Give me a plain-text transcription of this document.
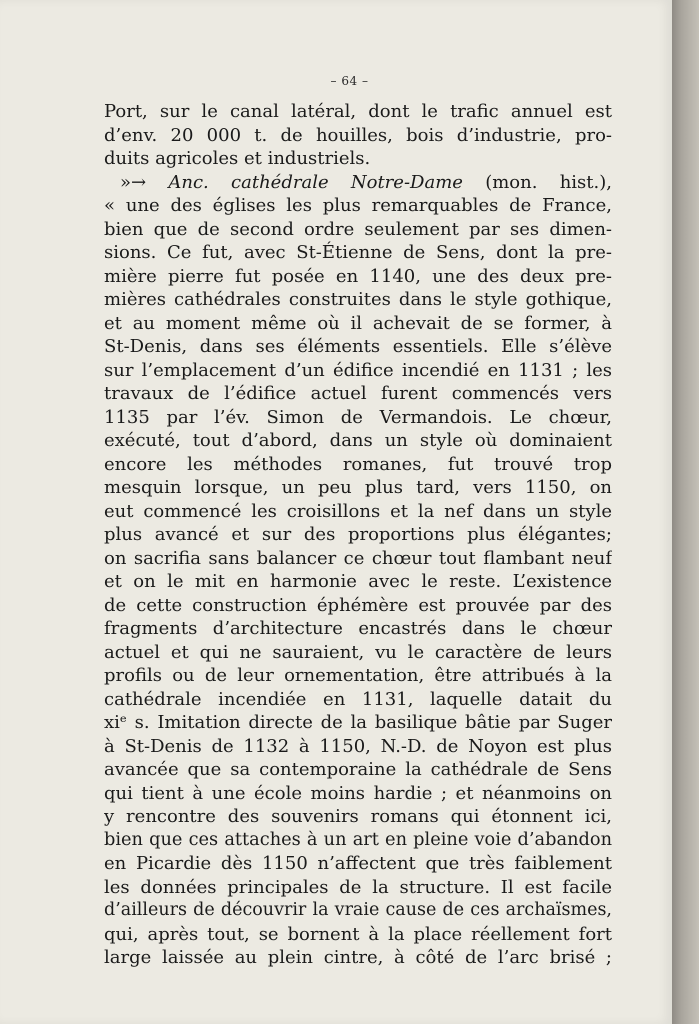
– 64 –
Port, sur le canal latéral, dont le trafic annuel est
d’env. 20 000 t. de houilles, bois d’industrie, pro-
duits agricoles et industriels.
»→ Anc. cathédrale Notre-Dame (mon. hist.),
« une des églises les plus remarquables de France,
bien que de second ordre seulement par ses dimen-
sions. Ce fut, avec St-Étienne de Sens, dont la pre-
mière pierre fut posée en 1140, une des deux pre-
mières cathédrales construites dans le style gothique,
et au moment même où il achevait de se former, à
St-Denis, dans ses éléments essentiels. Elle s’élève
sur l’emplacement d’un édifice incendié en 1131 ; les
travaux de l’édifice actuel furent commencés vers
1135 par l’év. Simon de Vermandois. Le chœur,
exécuté, tout d’abord, dans un style où dominaient
encore les méthodes romanes, fut trouvé trop
mesquin lorsque, un peu plus tard, vers 1150, on
eut commencé les croisillons et la nef dans un style
plus avancé et sur des proportions plus élégantes;
on sacrifia sans balancer ce chœur tout flambant neuf
et on le mit en harmonie avec le reste. L’existence
de cette construction éphémère est prouvée par des
fragments d’architecture encastrés dans le chœur
actuel et qui ne sauraient, vu le caractère de leurs
profils ou de leur ornementation, être attribués à la
cathédrale incendiée en 1131, laquelle datait du
xiᵉ s. Imitation directe de la basilique bâtie par Suger
à St-Denis de 1132 à 1150, N.-D. de Noyon est plus
avancée que sa contemporaine la cathédrale de Sens
qui tient à une école moins hardie ; et néanmoins on
y rencontre des souvenirs romans qui étonnent ici,
bien que ces attaches à un art en pleine voie d’abandon
en Picardie dès 1150 n’affectent que très faiblement
les données principales de la structure. Il est facile
d’ailleurs de découvrir la vraie cause de ces archaïsmes,
qui, après tout, se bornent à la place réellement fort
large laissée au plein cintre, à côté de l’arc brisé ;
